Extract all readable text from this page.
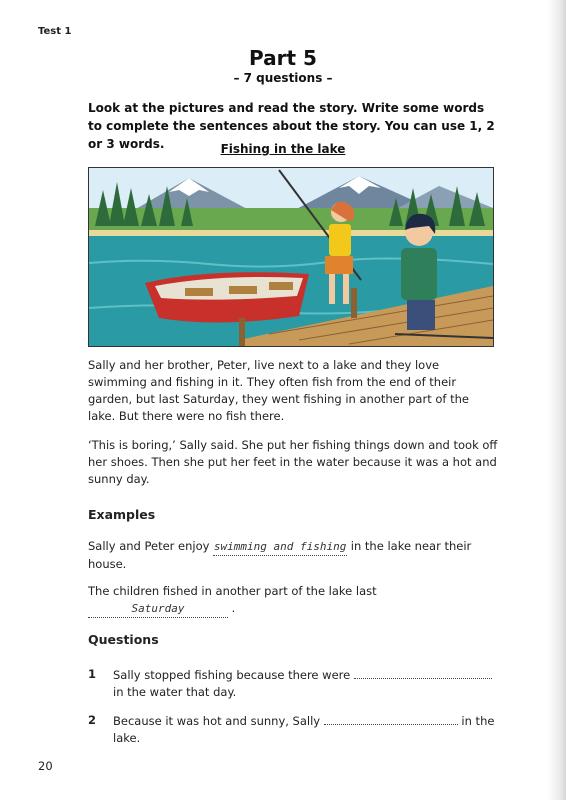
Test 1
Part 5
– 7 questions –
Look at the pictures and read the story. Write some words to complete the sentences about the story. You can use 1, 2 or 3 words.	Fishing in the lake
Sally and her brother, Peter, live next to a lake and they love swimming and fishing in it. They often fish from the end of their garden, but last Saturday, they went fishing in another part of the lake. But there were no fish there.
‘This is boring,’ Sally said. She put her fishing things down and took off her shoes. Then she put her feet in the water because it was a hot and sunny day.
Examples
Sally and Peter enjoy swimming and fishing in the lake near their house.
The children fished in another part of the lake last Saturday	.
Questions
1 Sally stopped fishing because there were  in the water that day.
2 Because it was hot and sunny, Sally	in the lake.
20
